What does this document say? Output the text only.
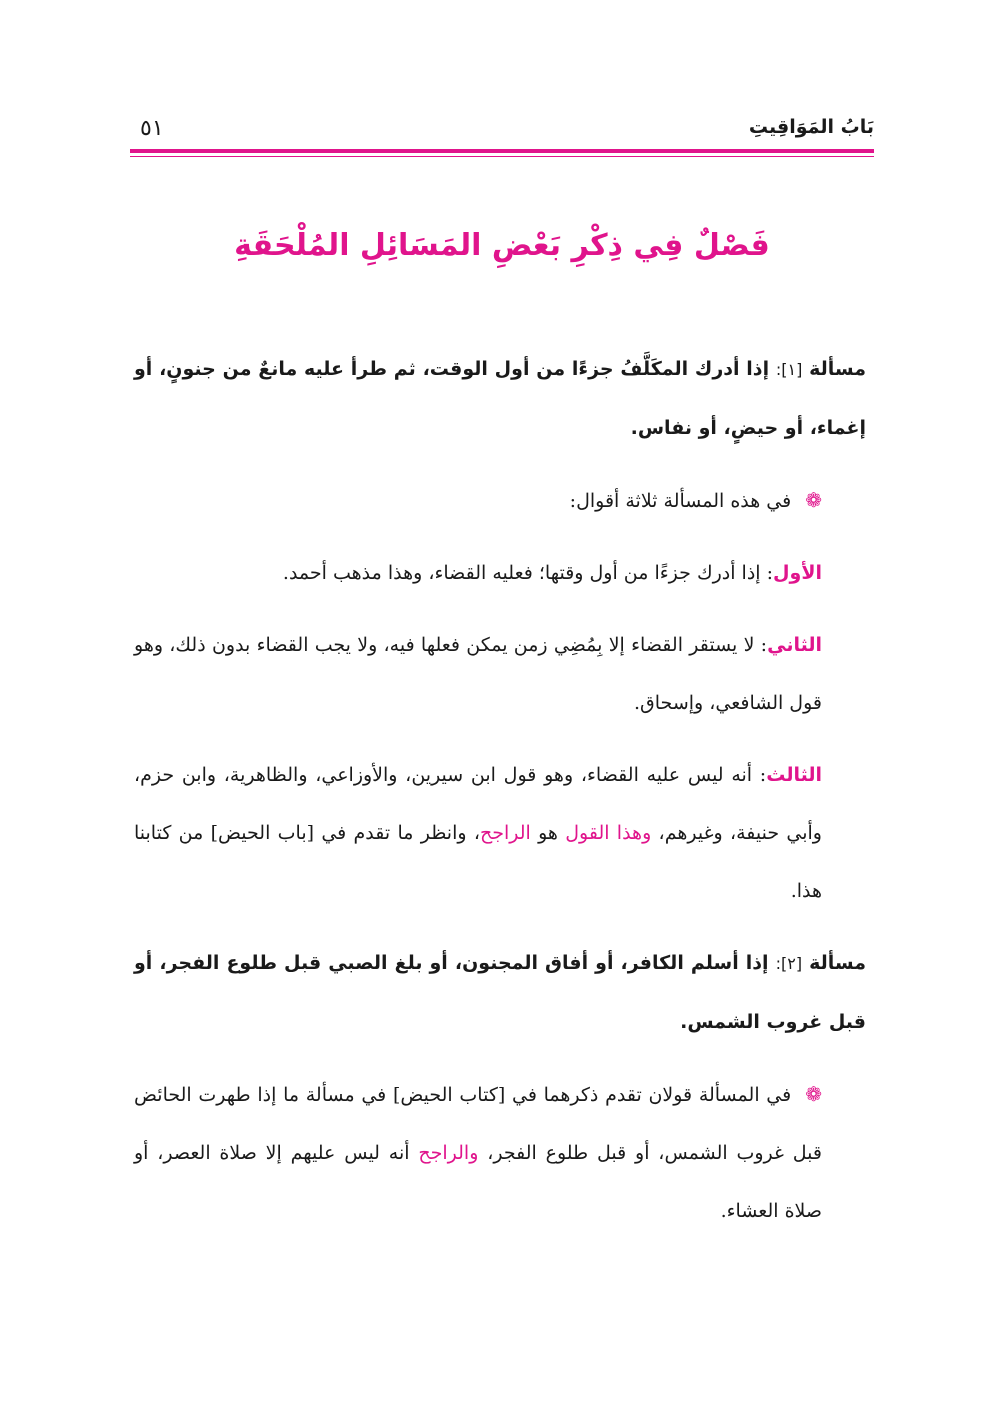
بَابُ المَوَاقِيتِ
٥١
فَصْلٌ فِي ذِكْرِ بَعْضِ المَسَائِلِ المُلْحَقَةِ

مسألة [١]: إذا أدرك المكَلَّفُ جزءًا من أول الوقت، ثم طرأ عليه مانعٌ من جنونٍ، أو إغماء، أو حيضٍ، أو نفاس.

❁في هذه المسألة ثلاثة أقوال:

الأول: إذا أدرك جزءًا من أول وقتها؛ فعليه القضاء، وهذا مذهب أحمد.

الثاني: لا يستقر القضاء إلا بِمُضِي زمن يمكن فعلها فيه، ولا يجب القضاء بدون ذلك، وهو قول الشافعي، وإسحاق.

الثالث: أنه ليس عليه القضاء، وهو قول ابن سيرين، والأوزاعي، والظاهرية، وابن حزم، وأبي حنيفة، وغيرهم، وهذا القول هو الراجح، وانظر ما تقدم في [باب الحيض] من كتابنا هذا.

مسألة [٢]: إذا أسلم الكافر، أو أفاق المجنون، أو بلغ الصبي قبل طلوع الفجر، أو قبل غروب الشمس.

❁في المسألة قولان تقدم ذكرهما في [كتاب الحيض] في مسألة ما إذا طهرت الحائض قبل غروب الشمس، أو قبل طلوع الفجر، والراجح أنه ليس عليهم إلا صلاة العصر، أو صلاة العشاء.
